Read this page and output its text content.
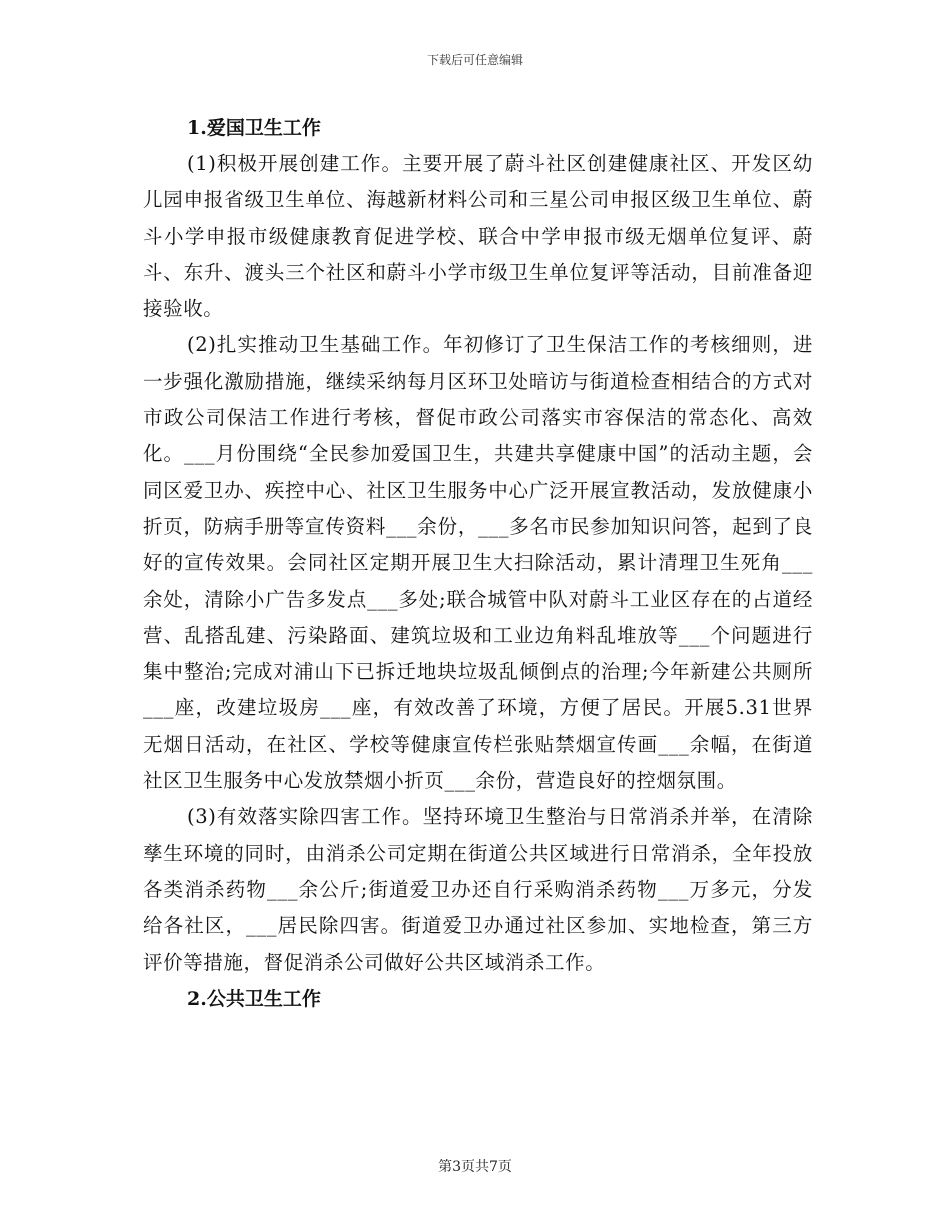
下载后可任意编辑
1.爱国卫生工作

(1)积极开展创建工作。主要开展了蔚斗社区创建健康社区、开发区幼儿园申报省级卫生单位、海越新材料公司和三星公司申报区级卫生单位、蔚斗小学申报市级健康教育促进学校、联合中学申报市级无烟单位复评、蔚斗、东升、渡头三个社区和蔚斗小学市级卫生单位复评等活动，目前准备迎接验收。

(2)扎实推动卫生基础工作。年初修订了卫生保洁工作的考核细则，进一步强化激励措施，继续采纳每月区环卫处暗访与街道检查相结合的方式对市政公司保洁工作进行考核，督促市政公司落实市容保洁的常态化、高效化。___月份围绕“全民参加爱国卫生，共建共享健康中国”的活动主题，会同区爱卫办、疾控中心、社区卫生服务中心广泛开展宣教活动，发放健康小折页，防病手册等宣传资料___余份，___多名市民参加知识问答，起到了良好的宣传效果。会同社区定期开展卫生大扫除活动，累计清理卫生死角___余处，清除小广告多发点___多处;联合城管中队对蔚斗工业区存在的占道经营、乱搭乱建、污染路面、建筑垃圾和工业边角料乱堆放等___个问题进行集中整治;完成对浦山下已拆迁地块垃圾乱倾倒点的治理;今年新建公共厕所___座，改建垃圾房___座，有效改善了环境，方便了居民。开展5.31世界无烟日活动，在社区、学校等健康宣传栏张贴禁烟宣传画___余幅，在街道社区卫生服务中心发放禁烟小折页___余份，营造良好的控烟氛围。

(3)有效落实除四害工作。坚持环境卫生整治与日常消杀并举，在清除孳生环境的同时，由消杀公司定期在街道公共区域进行日常消杀，全年投放各类消杀药物___余公斤;街道爱卫办还自行采购消杀药物___万多元，分发给各社区，___居民除四害。街道爱卫办通过社区参加、实地检查，第三方评价等措施，督促消杀公司做好公共区域消杀工作。

2.公共卫生工作
第3页共7页
